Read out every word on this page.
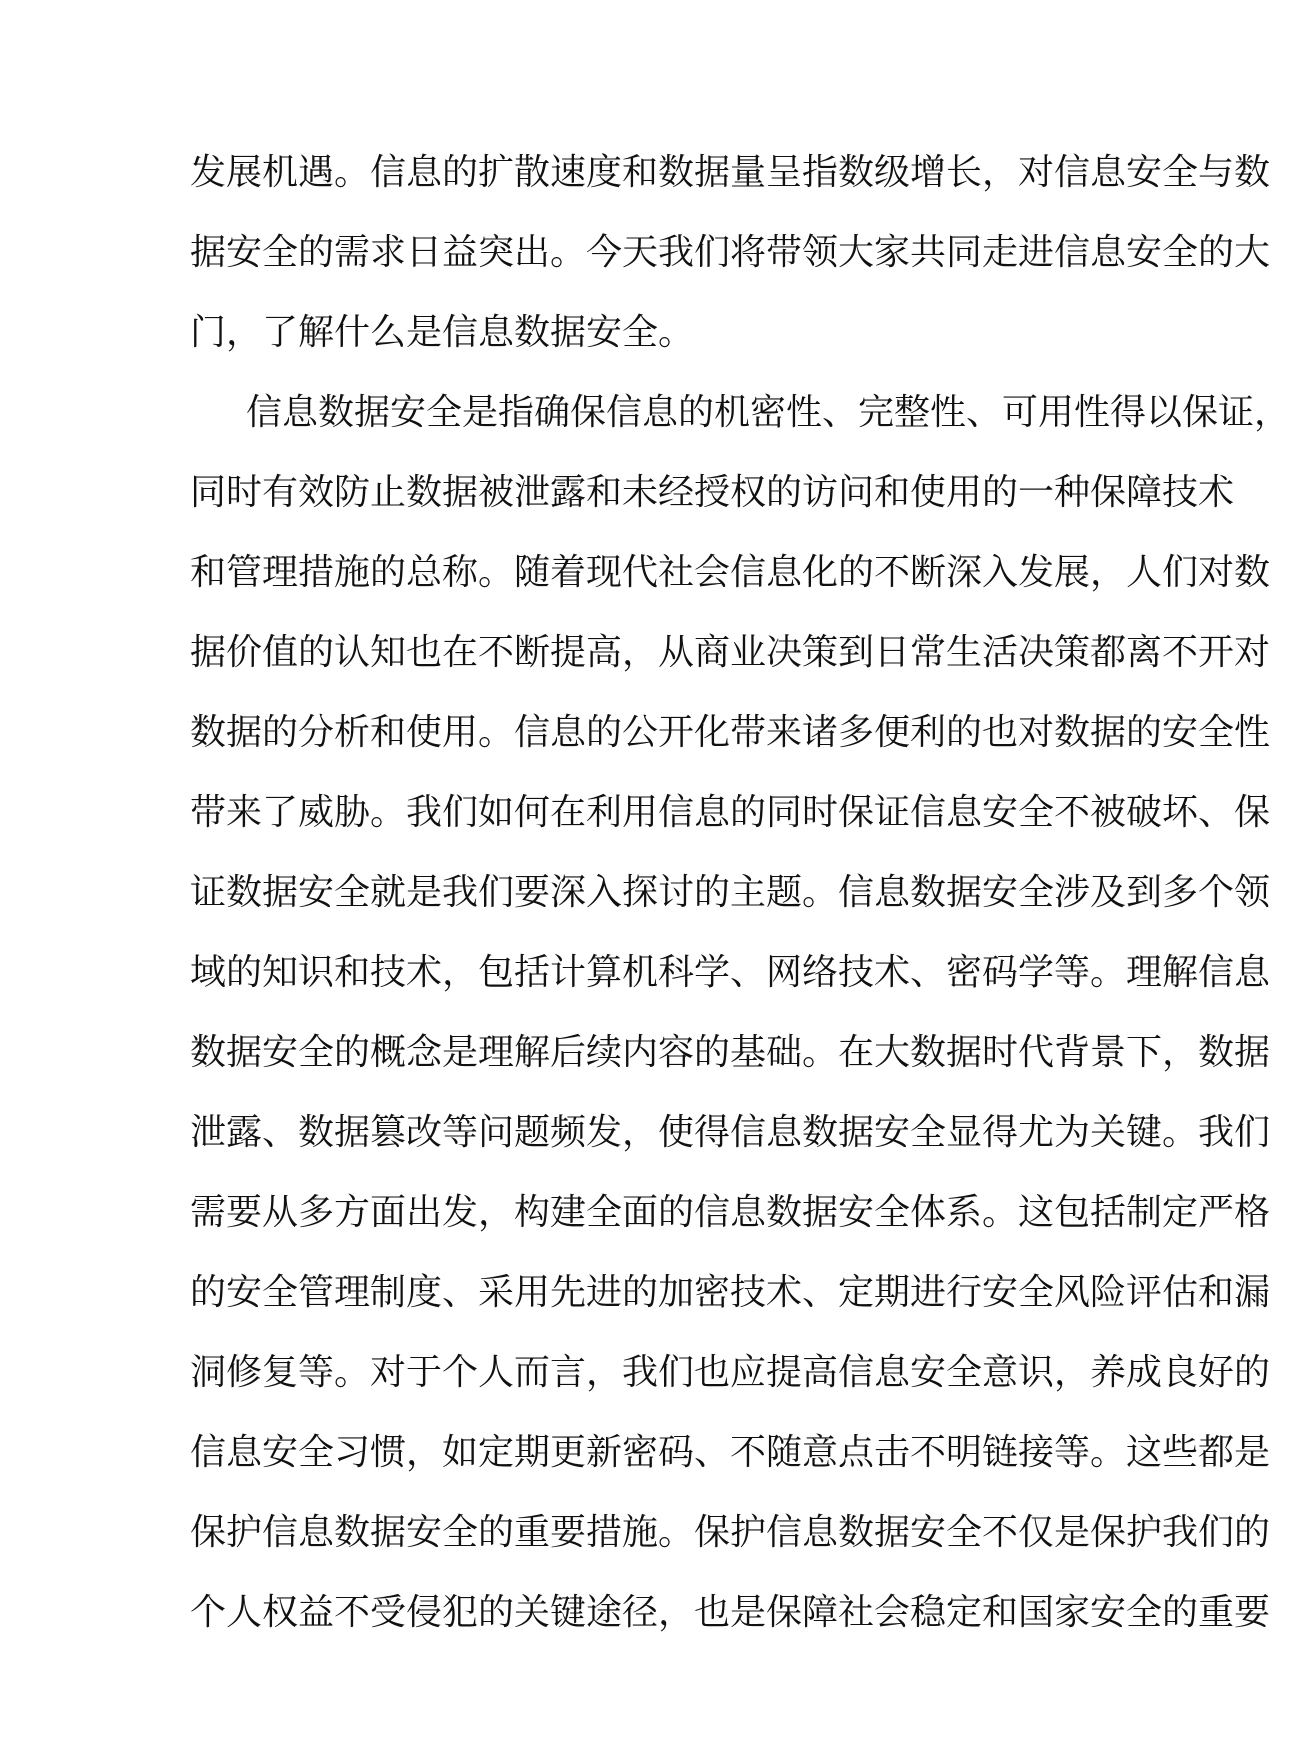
发展机遇。信息的扩散速度和数据量呈指数级增长，对信息安全与数
据安全的需求日益突出。今天我们将带领大家共同走进信息安全的大
门，了解什么是信息数据安全。
信息数据安全是指确保信息的机密性、完整性、可用性得以保证，
同时有效防止数据被泄露和未经授权的访问和使用的一种保障技术
和管理措施的总称。随着现代社会信息化的不断深入发展，人们对数
据价值的认知也在不断提高，从商业决策到日常生活决策都离不开对
数据的分析和使用。信息的公开化带来诸多便利的也对数据的安全性
带来了威胁。我们如何在利用信息的同时保证信息安全不被破坏、保
证数据安全就是我们要深入探讨的主题。信息数据安全涉及到多个领
域的知识和技术，包括计算机科学、网络技术、密码学等。理解信息
数据安全的概念是理解后续内容的基础。在大数据时代背景下，数据
泄露、数据篡改等问题频发，使得信息数据安全显得尤为关键。我们
需要从多方面出发，构建全面的信息数据安全体系。这包括制定严格
的安全管理制度、采用先进的加密技术、定期进行安全风险评估和漏
洞修复等。对于个人而言，我们也应提高信息安全意识，养成良好的
信息安全习惯，如定期更新密码、不随意点击不明链接等。这些都是
保护信息数据安全的重要措施。保护信息数据安全不仅是保护我们的
个人权益不受侵犯的关键途径，也是保障社会稳定和国家安全的重要
